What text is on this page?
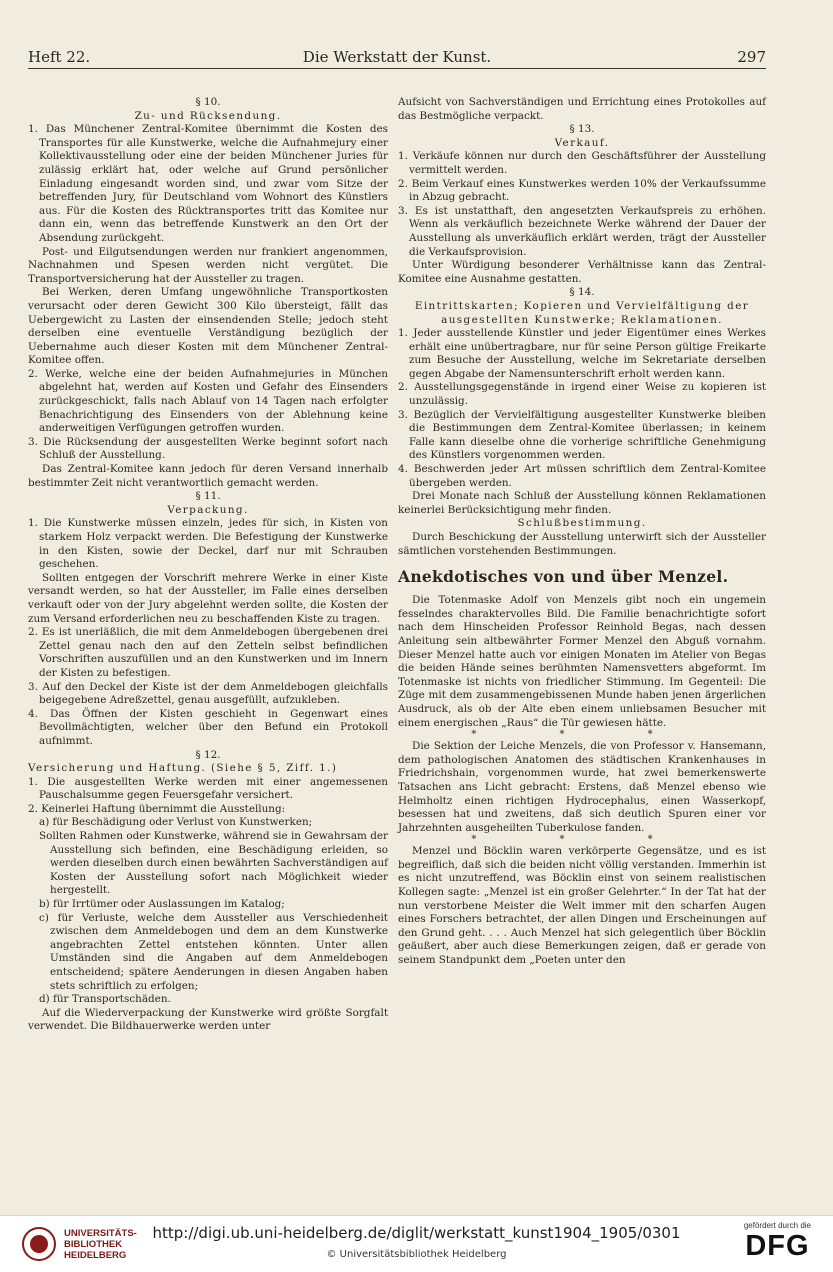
Heft 22.	Die Werkstatt der Kunst.	297

§ 10.

Zu- und Rücksendung.

1. Das Münchener Zentral-Komitee übernimmt die Kosten des Transportes für alle Kunstwerke, welche die Aufnahmejury einer Kollektivausstellung oder eine der beiden Münchener Juries für zulässig erklärt hat, oder welche auf Grund persönlicher Einladung eingesandt worden sind, und zwar vom Sitze der betreffenden Jury, für Deutschland vom Wohnort des Künstlers aus. Für die Kosten des Rücktransportes tritt das Komitee nur dann ein, wenn das betreffende Kunstwerk an den Ort der Absendung zurückgeht.

Post- und Eilgutsendungen werden nur frankiert angenommen, Nachnahmen und Spesen werden nicht vergütet. Die Transportversicherung hat der Aussteller zu tragen.

Bei Werken, deren Umfang ungewöhnliche Transportkosten verursacht oder deren Gewicht 300 Kilo übersteigt, fällt das Uebergewicht zu Lasten der einsendenden Stelle; jedoch steht derselben eine eventuelle Verständigung bezüglich der Uebernahme auch dieser Kosten mit dem Münchener Zentral-Komitee offen.

2. Werke, welche eine der beiden Aufnahmejuries in München abgelehnt hat, werden auf Kosten und Gefahr des Einsenders zurückgeschickt, falls nach Ablauf von 14 Tagen nach erfolgter Benachrichtigung des Einsenders von der Ablehnung keine anderweitigen Verfügungen getroffen wurden.

3. Die Rücksendung der ausgestellten Werke beginnt sofort nach Schluß der Ausstellung.

Das Zentral-Komitee kann jedoch für deren Versand innerhalb bestimmter Zeit nicht verantwortlich gemacht werden.

§ 11.

Verpackung.

1. Die Kunstwerke müssen einzeln, jedes für sich, in Kisten von starkem Holz verpackt werden. Die Befestigung der Kunstwerke in den Kisten, sowie der Deckel, darf nur mit Schrauben geschehen.

Sollten entgegen der Vorschrift mehrere Werke in einer Kiste versandt werden, so hat der Aussteller, im Falle eines derselben verkauft oder von der Jury abgelehnt werden sollte, die Kosten der zum Versand erforderlichen neu zu beschaffenden Kiste zu tragen.

2. Es ist unerläßlich, die mit dem Anmeldebogen übergebenen drei Zettel genau nach den auf den Zetteln selbst befindlichen Vorschriften auszufüllen und an den Kunstwerken und im Innern der Kisten zu befestigen.

3. Auf den Deckel der Kiste ist der dem Anmeldebogen gleichfalls beigegebene Adreßzettel, genau ausgefüllt, aufzukleben.

4. Das Öffnen der Kisten geschieht in Gegenwart eines Bevollmächtigten, welcher über den Befund ein Protokoll aufnimmt.

§ 12.

Versicherung und Haftung. (Siehe § 5, Ziff. 1.)

1. Die ausgestellten Werke werden mit einer angemessenen Pauschalsumme gegen Feuersgefahr versichert.

2. Keinerlei Haftung übernimmt die Ausstellung:

a) für Beschädigung oder Verlust von Kunstwerken;

Sollten Rahmen oder Kunstwerke, während sie in Gewahrsam der Ausstellung sich befinden, eine Beschädigung erleiden, so werden dieselben durch einen bewährten Sachverständigen auf Kosten der Ausstellung sofort nach Möglichkeit wieder hergestellt.

b) für Irrtümer oder Auslassungen im Katalog;

c) für Verluste, welche dem Aussteller aus Verschiedenheit zwischen dem Anmeldebogen und dem an dem Kunstwerke angebrachten Zettel entstehen könnten. Unter allen Umständen sind die Angaben auf dem Anmeldebogen entscheidend; spätere Aenderungen in diesen Angaben haben stets schriftlich zu erfolgen;

d) für Transportschäden.

Auf die Wiederverpackung der Kunstwerke wird größte Sorgfalt verwendet. Die Bildhauerwerke werden unter

Aufsicht von Sachverständigen und Errichtung eines Protokolles auf das Bestmögliche verpackt.

§ 13.

Verkauf.

1. Verkäufe können nur durch den Geschäftsführer der Ausstellung vermittelt werden.

2. Beim Verkauf eines Kunstwerkes werden 10% der Verkaufssumme in Abzug gebracht.

3. Es ist unstatthaft, den angesetzten Verkaufspreis zu erhöhen. Wenn als verkäuflich bezeichnete Werke während der Dauer der Ausstellung als unverkäuflich erklärt werden, trägt der Aussteller die Verkaufsprovision.

Unter Würdigung besonderer Verhältnisse kann das Zentral-Komitee eine Ausnahme gestatten.

§ 14.

Eintrittskarten; Kopieren und Vervielfältigung der ausgestellten Kunstwerke; Reklamationen.

1. Jeder ausstellende Künstler und jeder Eigentümer eines Werkes erhält eine unübertragbare, nur für seine Person gültige Freikarte zum Besuche der Ausstellung, welche im Sekretariate derselben gegen Abgabe der Namensunterschrift erholt werden kann.

2. Ausstellungsgegenstände in irgend einer Weise zu kopieren ist unzulässig.

3. Bezüglich der Vervielfältigung ausgestellter Kunstwerke bleiben die Bestimmungen dem Zentral-Komitee überlassen; in keinem Falle kann dieselbe ohne die vorherige schriftliche Genehmigung des Künstlers vorgenommen werden.

4. Beschwerden jeder Art müssen schriftlich dem Zentral-Komitee übergeben werden.

Drei Monate nach Schluß der Ausstellung können Reklamationen keinerlei Berücksichtigung mehr finden.

Schlußbestimmung.

Durch Beschickung der Ausstellung unterwirft sich der Aussteller sämtlichen vorstehenden Bestimmungen.

Anekdotisches von und über Menzel.

Die Totenmaske Adolf von Menzels gibt noch ein ungemein fesselndes charaktervolles Bild. Die Familie benachrichtigte sofort nach dem Hinscheiden Professor Reinhold Begas, nach dessen Anleitung sein altbewährter Former Menzel den Abguß vornahm. Dieser Menzel hatte auch vor einigen Monaten im Atelier von Begas die beiden Hände seines berühmten Namensvetters abgeformt. Im Totenmaske ist nichts von friedlicher Stimmung. Im Gegenteil: Die Züge mit dem zusammengebissenen Munde haben jenen ärgerlichen Ausdruck, als ob der Alte eben einem unliebsamen Besucher mit einem energischen „Raus“ die Tür gewiesen hätte.

* * *

Die Sektion der Leiche Menzels, die von Professor v. Hansemann, dem pathologischen Anatomen des städtischen Krankenhauses in Friedrichshain, vorgenommen wurde, hat zwei bemerkenswerte Tatsachen ans Licht gebracht: Erstens, daß Menzel ebenso wie Helmholtz einen richtigen Hydrocephalus, einen Wasserkopf, besessen hat und zweitens, daß sich deutlich Spuren einer vor Jahrzehnten ausgeheilten Tuberkulose fanden.

* * *

Menzel und Böcklin waren verkörperte Gegensätze, und es ist begreiflich, daß sich die beiden nicht völlig verstanden. Immerhin ist es nicht unzutreffend, was Böcklin einst von seinem realistischen Kollegen sagte: „Menzel ist ein großer Gelehrter.“ In der Tat hat der nun verstorbene Meister die Welt immer mit den scharfen Augen eines Forschers betrachtet, der allen Dingen und Erscheinungen auf den Grund geht. . . . Auch Menzel hat sich gelegentlich über Böcklin geäußert, aber auch diese Bemerkungen zeigen, daß er gerade von seinem Standpunkt dem „Poeten unter den

UNIVERSITÄTS-
BIBLIOTHEK
HEIDELBERG
http://digi.ub.uni-heidelberg.de/diglit/werkstatt_kunst1904_1905/0301
© Universitätsbibliothek Heidelberg
gefördert durch die
DFG
